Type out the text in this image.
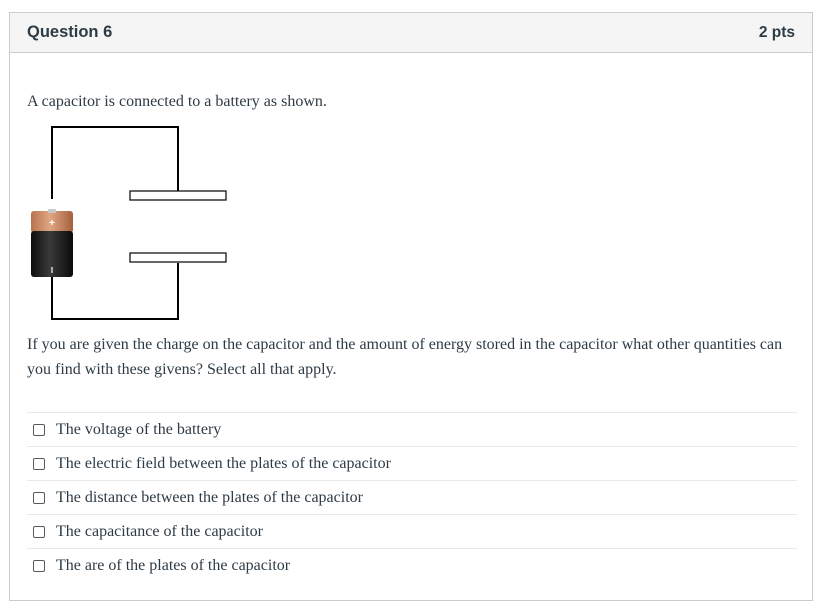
Question 6	2 pts
A capacitor is connected to a battery as shown.
+
I
If you are given the charge on the capacitor and the amount of energy stored in the capacitor what other quantities can you find with these givens? Select all that apply.
The voltage of the battery
The electric field between the plates of the capacitor
The distance between the plates of the capacitor
The capacitance of the capacitor
The are of the plates of the capacitor
